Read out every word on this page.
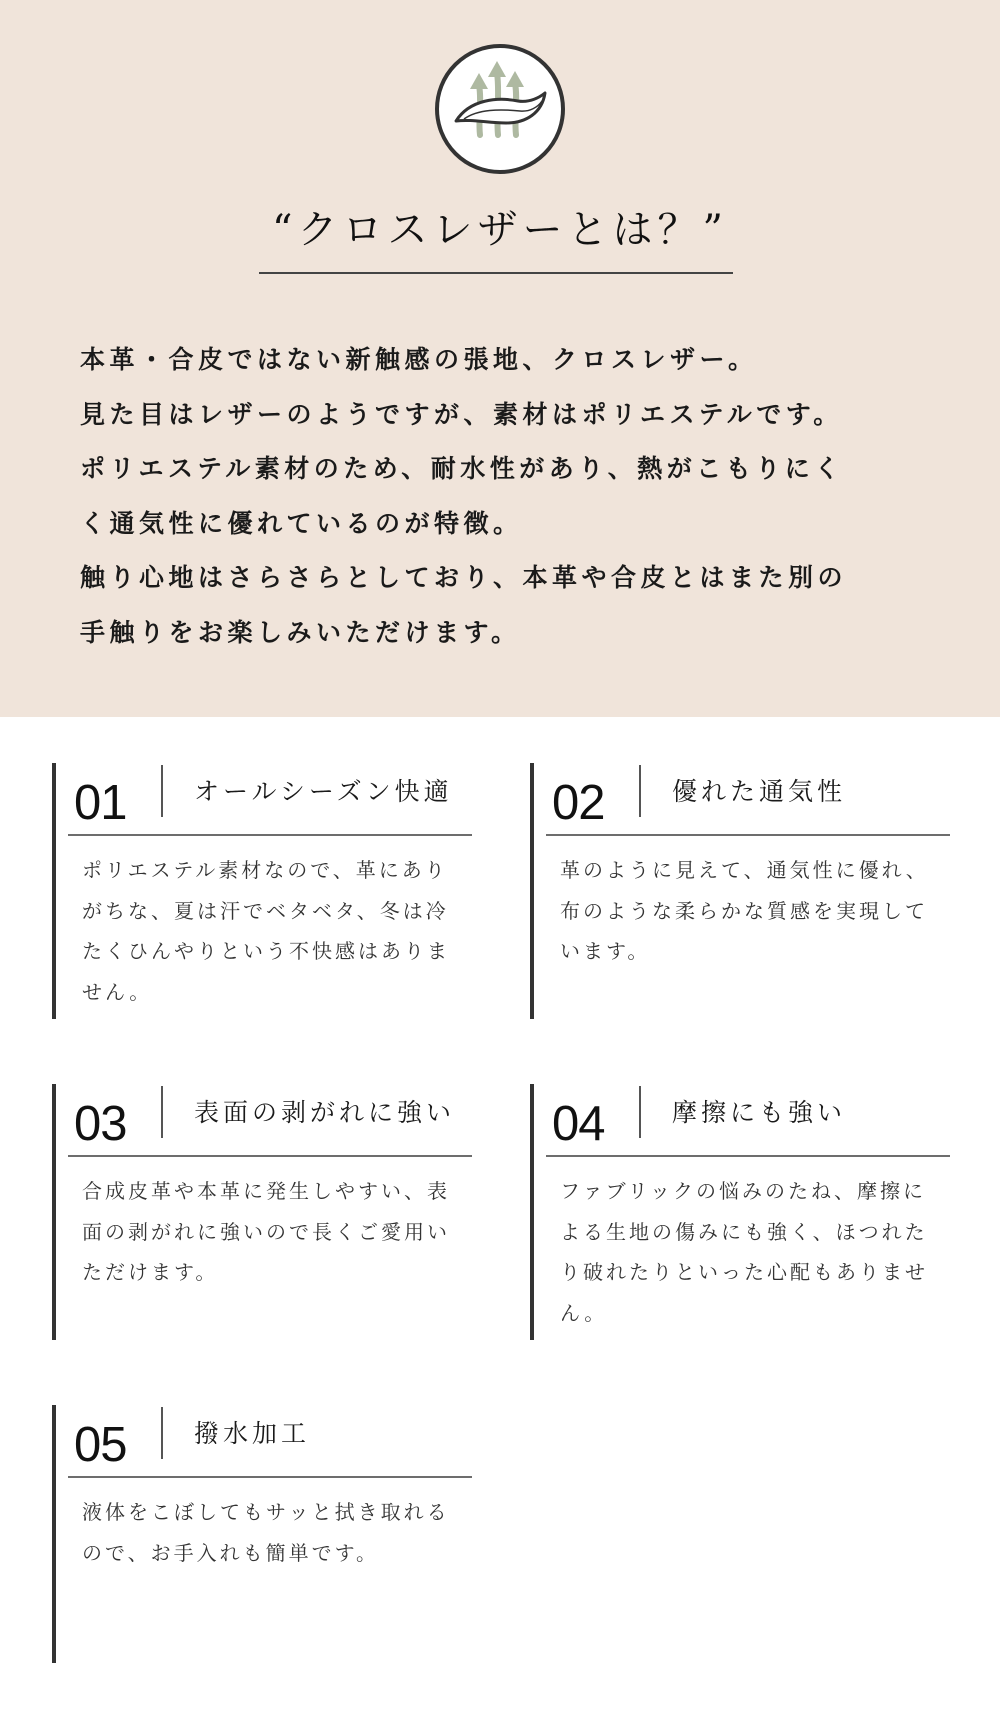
“クロスレザーとは？”

本革・合皮ではない新触感の張地、クロスレザー。

見た目はレザーのようですが、素材はポリエステルです。

ポリエステル素材のため、耐水性があり、熱がこもりにく

く通気性に優れているのが特徴。

触り心地はさらさらとしており、本革や合皮とはまた別の

手触りをお楽しみいただけます。

01	オールシーズン快適

ポリエステル素材なので、革にあり

がちな、夏は汗でベタベタ、冬は冷

たくひんやりという不快感はありま

せん。

02	優れた通気性

革のように見えて、通気性に優れ、

布のような柔らかな質感を実現して

います。

03	表面の剥がれに強い

合成皮革や本革に発生しやすい、表

面の剥がれに強いので長くご愛用い

ただけます。

04	摩擦にも強い

ファブリックの悩みのたね、摩擦に

よる生地の傷みにも強く、ほつれた

り破れたりといった心配もありませ

ん。

05	撥水加工

液体をこぼしてもサッと拭き取れる

ので、お手入れも簡単です。
